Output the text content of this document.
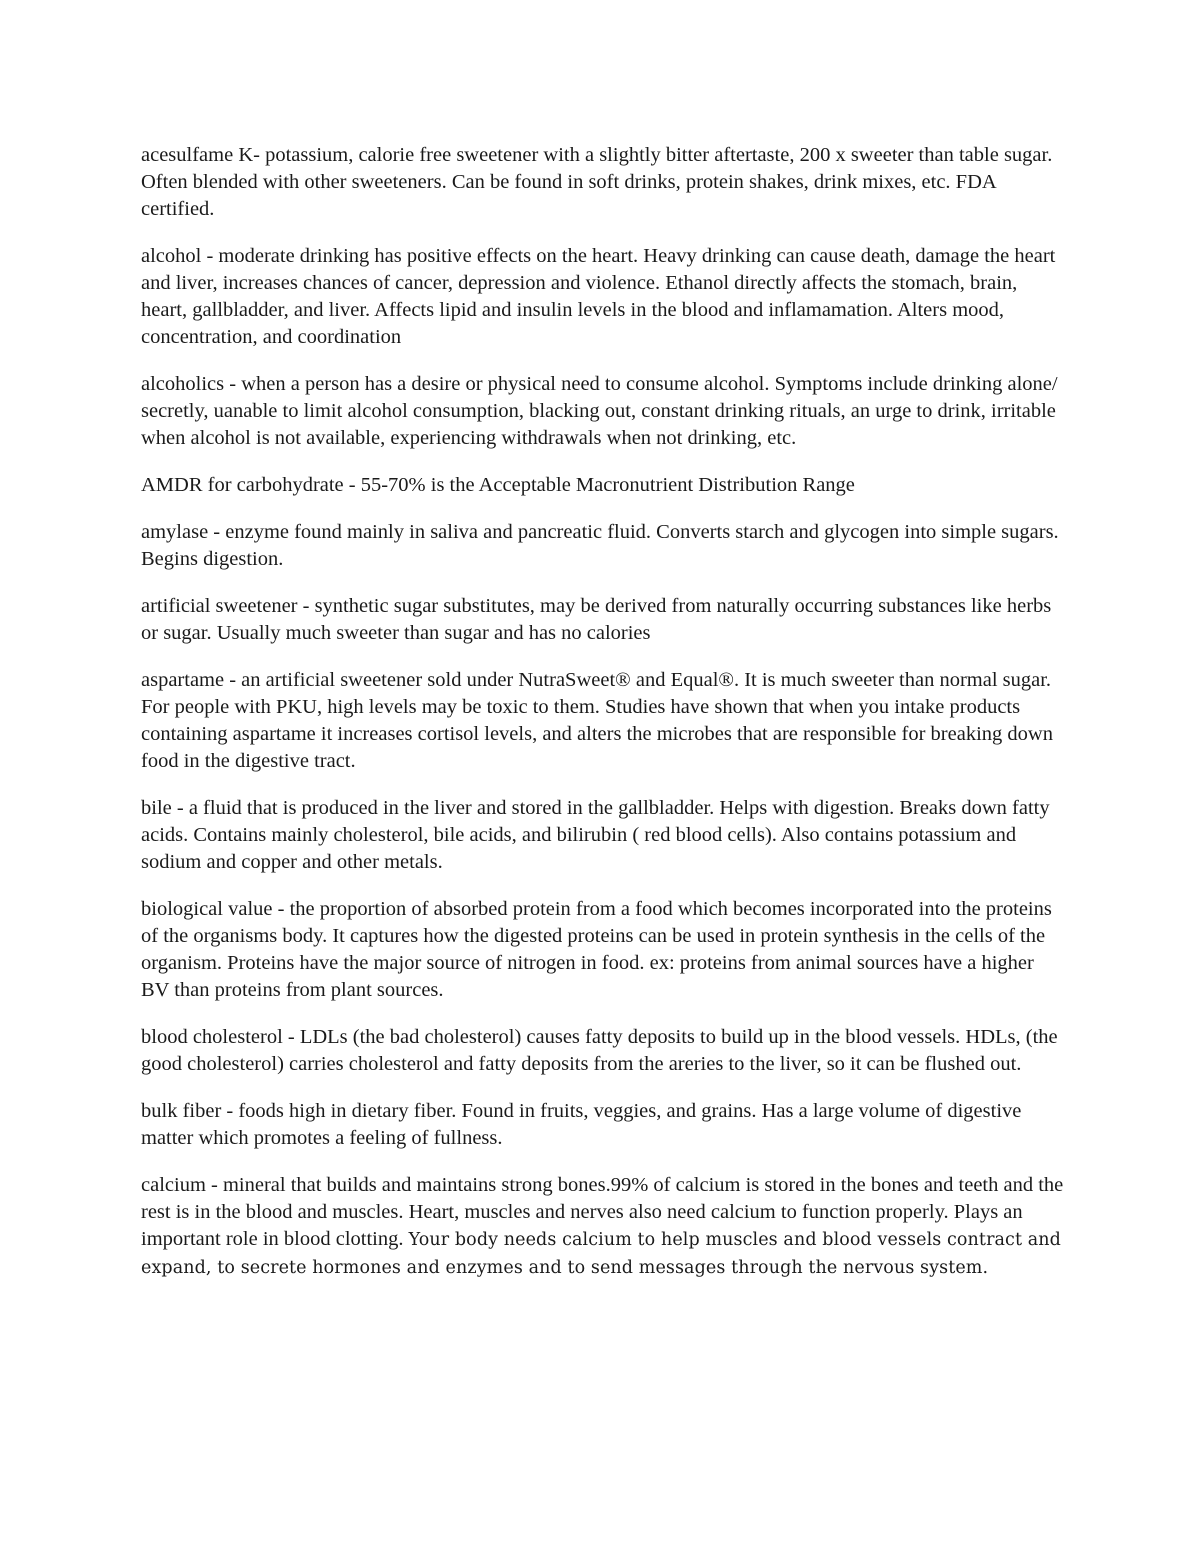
acesulfame K- potassium, calorie free sweetener with a slightly bitter aftertaste, 200 x sweeter than table sugar. Often blended with other sweeteners. Can be found in soft drinks, protein shakes, drink mixes, etc. FDA certified.

alcohol - moderate drinking has positive effects on the heart. Heavy drinking can cause death, damage the heart and liver, increases chances of cancer, depression and violence. Ethanol directly affects the stomach, brain, heart, gallbladder, and liver. Affects lipid and insulin levels in the blood and inflamamation. Alters mood, concentration, and coordination

alcoholics - when a person has a desire or physical need to consume alcohol. Symptoms include drinking alone/ secretly, uanable to limit alcohol consumption, blacking out, constant drinking rituals, an urge to drink, irritable when alcohol is not available, experiencing withdrawals when not drinking, etc.

AMDR for carbohydrate - 55-70% is the Acceptable Macronutrient Distribution Range

amylase - enzyme found mainly in saliva and pancreatic fluid. Converts starch and glycogen into simple sugars. Begins digestion.

artificial sweetener - synthetic sugar substitutes, may be derived from naturally occurring substances like herbs or sugar. Usually much sweeter than sugar and has no calories

aspartame - an artificial sweetener sold under NutraSweet® and Equal®. It is much sweeter than normal sugar. For people with PKU, high levels may be toxic to them. Studies have shown that when you intake products containing aspartame it increases cortisol levels, and alters the microbes that are responsible for breaking down food in the digestive tract.

bile - a fluid that is produced in the liver and stored in the gallbladder. Helps with digestion. Breaks down fatty acids. Contains mainly cholesterol, bile acids, and bilirubin ( red blood cells). Also contains potassium and sodium and copper and other metals.

biological value - the proportion of absorbed protein from a food which becomes incorporated into the proteins of the organisms body. It captures how the digested proteins can be used in protein synthesis in the cells of the organism. Proteins have the major source of nitrogen in food. ex: proteins from animal sources have a higher BV than proteins from plant sources.

blood cholesterol - LDLs (the bad cholesterol) causes fatty deposits to build up in the blood vessels. HDLs, (the good cholesterol) carries cholesterol and fatty deposits from the areries to the liver, so it can be flushed out.

bulk fiber - foods high in dietary fiber. Found in fruits, veggies, and grains. Has a large volume of digestive matter which promotes a feeling of fullness.

calcium - mineral that builds and maintains strong bones.99% of calcium is stored in the bones and teeth and the rest is in the blood and muscles. Heart, muscles and nerves also need calcium to function properly. Plays an important role in blood clotting. Your body needs calcium to help muscles and blood vessels contract and expand, to secrete hormones and enzymes and to send messages through the nervous system.
